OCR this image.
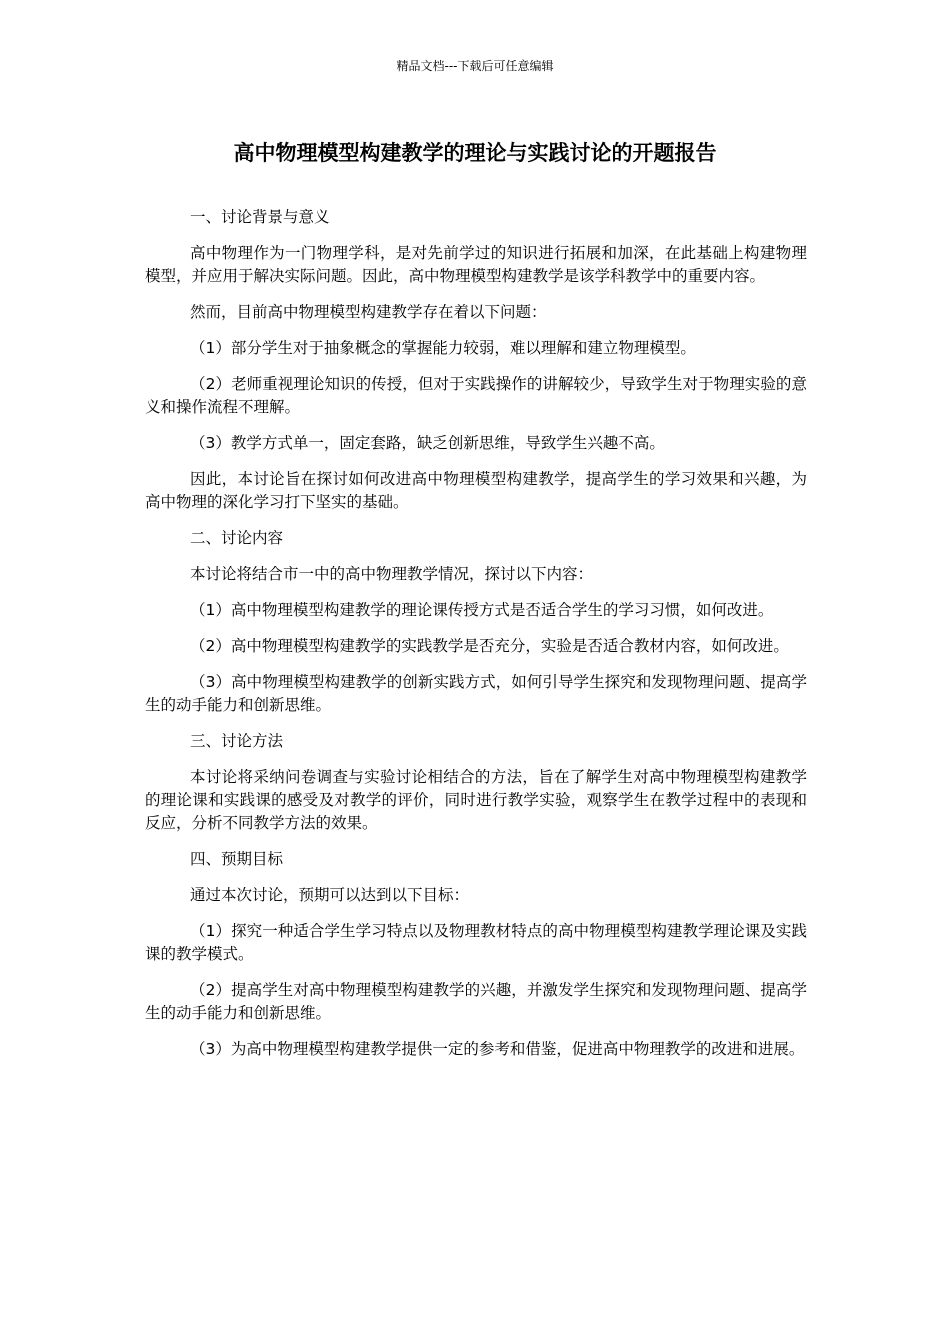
精品文档---下载后可任意编辑
高中物理模型构建教学的理论与实践讨论的开题报告

一、讨论背景与意义

高中物理作为一门物理学科，是对先前学过的知识进行拓展和加深，在此基础上构建物理模型，并应用于解决实际问题。因此，高中物理模型构建教学是该学科教学中的重要内容。

然而，目前高中物理模型构建教学存在着以下问题：

（1）部分学生对于抽象概念的掌握能力较弱，难以理解和建立物理模型。

（2）老师重视理论知识的传授，但对于实践操作的讲解较少，导致学生对于物理实验的意义和操作流程不理解。

（3）教学方式单一，固定套路，缺乏创新思维，导致学生兴趣不高。

因此，本讨论旨在探讨如何改进高中物理模型构建教学，提高学生的学习效果和兴趣，为高中物理的深化学习打下坚实的基础。

二、讨论内容

本讨论将结合市一中的高中物理教学情况，探讨以下内容：

（1）高中物理模型构建教学的理论课传授方式是否适合学生的学习习惯，如何改进。

（2）高中物理模型构建教学的实践教学是否充分，实验是否适合教材内容，如何改进。

（3）高中物理模型构建教学的创新实践方式，如何引导学生探究和发现物理问题、提高学生的动手能力和创新思维。

三、讨论方法

本讨论将采纳问卷调查与实验讨论相结合的方法，旨在了解学生对高中物理模型构建教学的理论课和实践课的感受及对教学的评价，同时进行教学实验，观察学生在教学过程中的表现和反应，分析不同教学方法的效果。

四、预期目标

通过本次讨论，预期可以达到以下目标：

（1）探究一种适合学生学习特点以及物理教材特点的高中物理模型构建教学理论课及实践课的教学模式。

（2）提高学生对高中物理模型构建教学的兴趣，并激发学生探究和发现物理问题、提高学生的动手能力和创新思维。

（3）为高中物理模型构建教学提供一定的参考和借鉴，促进高中物理教学的改进和进展。
